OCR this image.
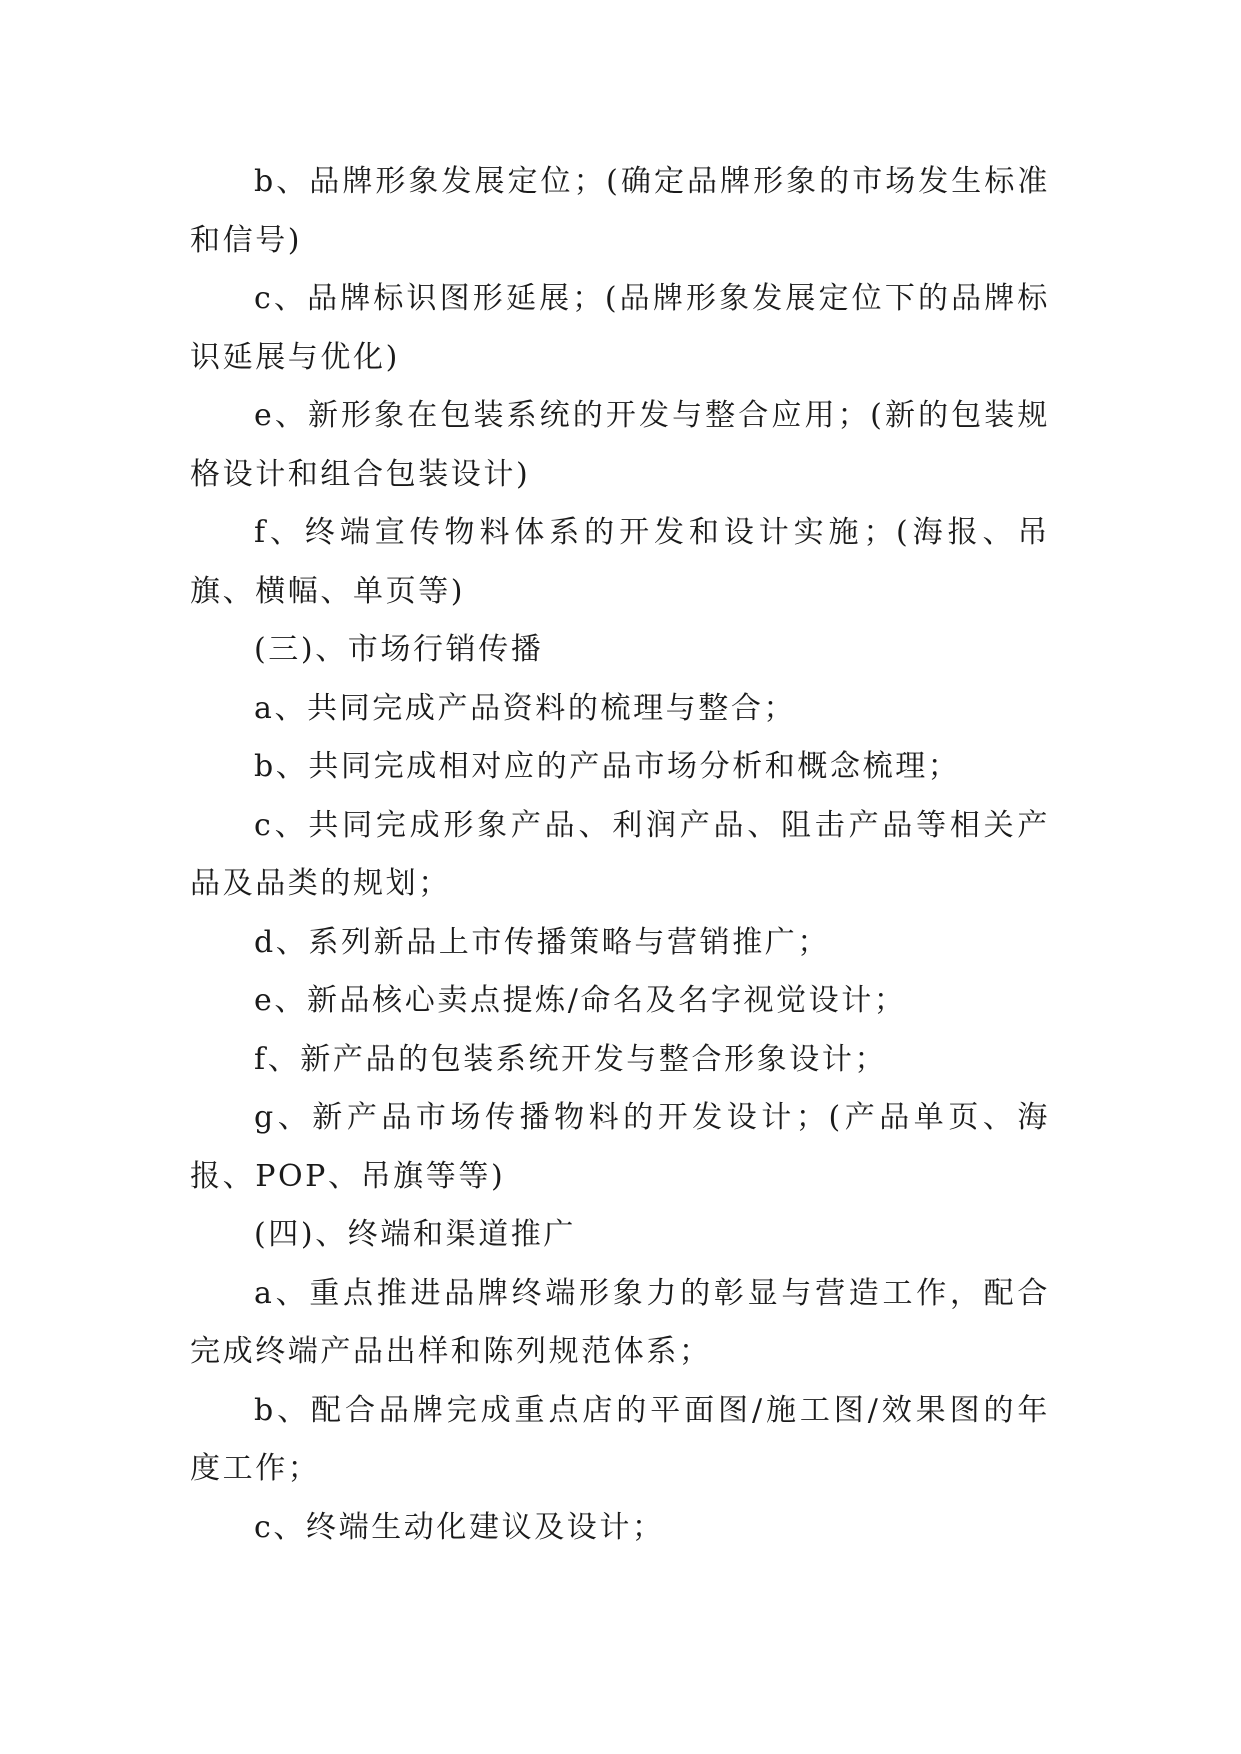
b、品牌形象发展定位；(确定品牌形象的市场发生标准和信号)

c、品牌标识图形延展；(品牌形象发展定位下的品牌标识延展与优化)

e、新形象在包装系统的开发与整合应用；(新的包装规格设计和组合包装设计)

f、终端宣传物料体系的开发和设计实施；(海报、吊旗、横幅、单页等)

(三)、市场行销传播

a、共同完成产品资料的梳理与整合；

b、共同完成相对应的产品市场分析和概念梳理；

c、共同完成形象产品、利润产品、阻击产品等相关产品及品类的规划；

d、系列新品上市传播策略与营销推广；

e、新品核心卖点提炼/命名及名字视觉设计；

f、新产品的包装系统开发与整合形象设计；

g、新产品市场传播物料的开发设计；(产品单页、海报、POP、吊旗等等)

(四)、终端和渠道推广

a、重点推进品牌终端形象力的彰显与营造工作，配合完成终端产品出样和陈列规范体系；

b、配合品牌完成重点店的平面图/施工图/效果图的年度工作；

c、终端生动化建议及设计；
